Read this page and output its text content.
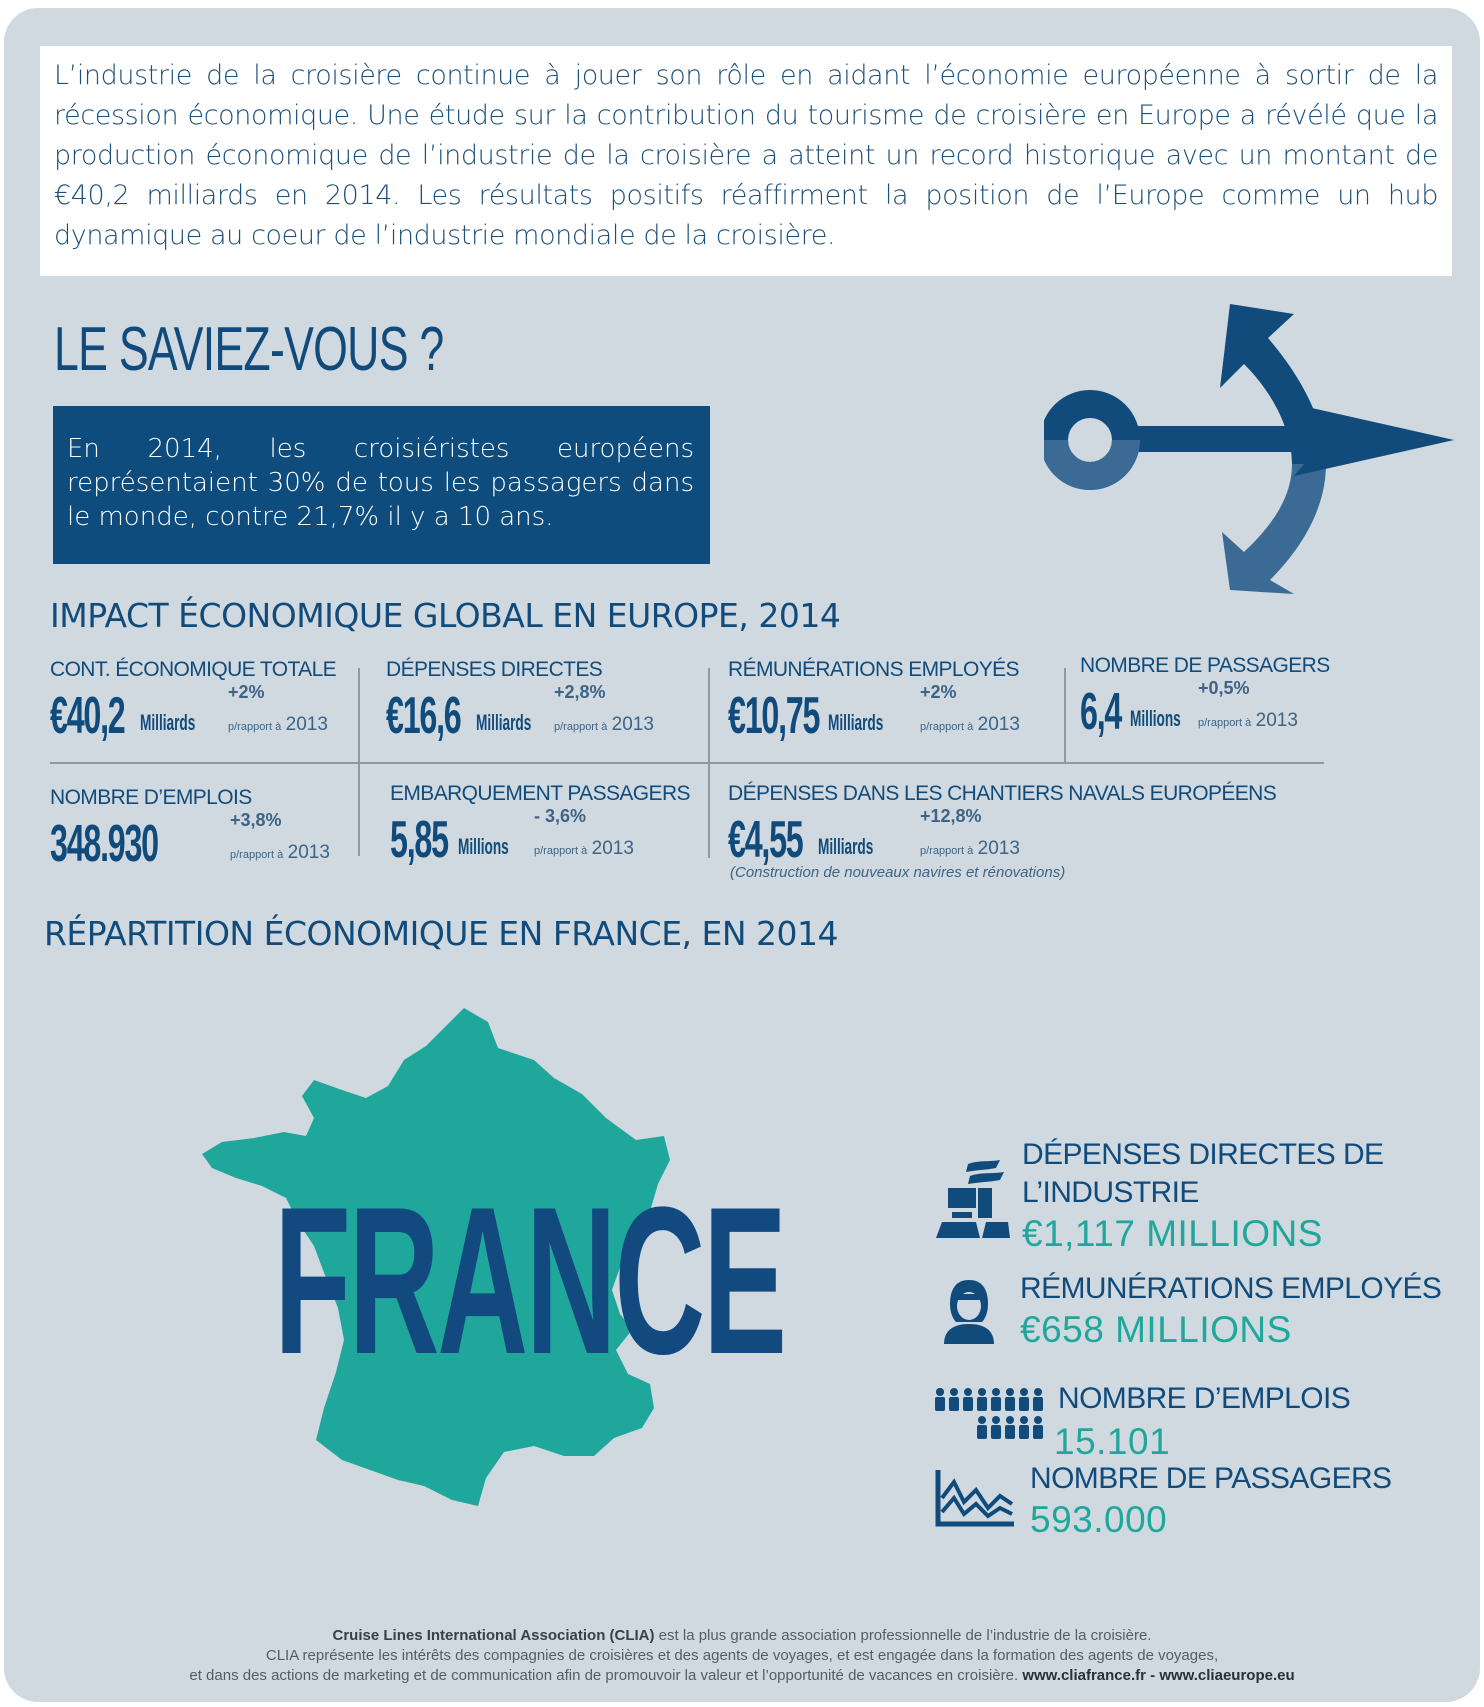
L’industrie de la croisière continue à jouer son rôle en aidant l’économie européenne à sortir de la récession économique. Une étude sur la contribution du tourisme de croisière en Europe a révélé que la production économique de l’industrie de la croisière a atteint un record historique avec un montant de €40,2 milliards en 2014. Les résultats positifs réaffirment la position de l’Europe comme un hub dynamique au coeur de l’industrie mondiale de la croisière.

LE SAVIEZ-VOUS ?

En 2014, les croisiéristes européens représentaient 30% de tous les passagers dans le monde, contre 21,7% il y a 10 ans.

IMPACT ÉCONOMIQUE GLOBAL EN EUROPE, 2014
CONT. ÉCONOMIQUE TOTALE
€40,2 Milliards
+2%
p/rapport à 2013
DÉPENSES DIRECTES
€16,6 Milliards
+2,8%
p/rapport à 2013
RÉMUNÉRATIONS EMPLOYÉS
€10,75 Milliards
+2%
p/rapport à 2013
NOMBRE DE PASSAGERS
6,4 Millions
+0,5%
p/rapport à 2013
NOMBRE D’EMPLOIS
348.930	+3,8%
p/rapport à 2013
EMBARQUEMENT PASSAGERS
5,85 Millions
- 3,6%
p/rapport à 2013
DÉPENSES DANS LES CHANTIERS NAVALS EUROPÉENS
€4,55 Milliards
+12,8%
p/rapport à 2013
(Construction de nouveaux navires et rénovations)
RÉPARTITION ÉCONOMIQUE EN FRANCE, EN 2014
FRANCE
DÉPENSES DIRECTES DE
L’INDUSTRIE
€1,117 MILLIONS
RÉMUNÉRATIONS EMPLOYÉS
€658 MILLIONS
NOMBRE D’EMPLOIS
15.101
NOMBRE DE PASSAGERS
593.000
Cruise Lines International Association (CLIA) est la plus grande association professionnelle de l’industrie de la croisière.
CLIA représente les intérêts des compagnies de croisières et des agents de voyages, et est engagée dans la formation des agents de voyages,
et dans des actions de marketing et de communication afin de promouvoir la valeur et l’opportunité de vacances en croisière. www.cliafrance.fr - www.cliaeurope.eu
